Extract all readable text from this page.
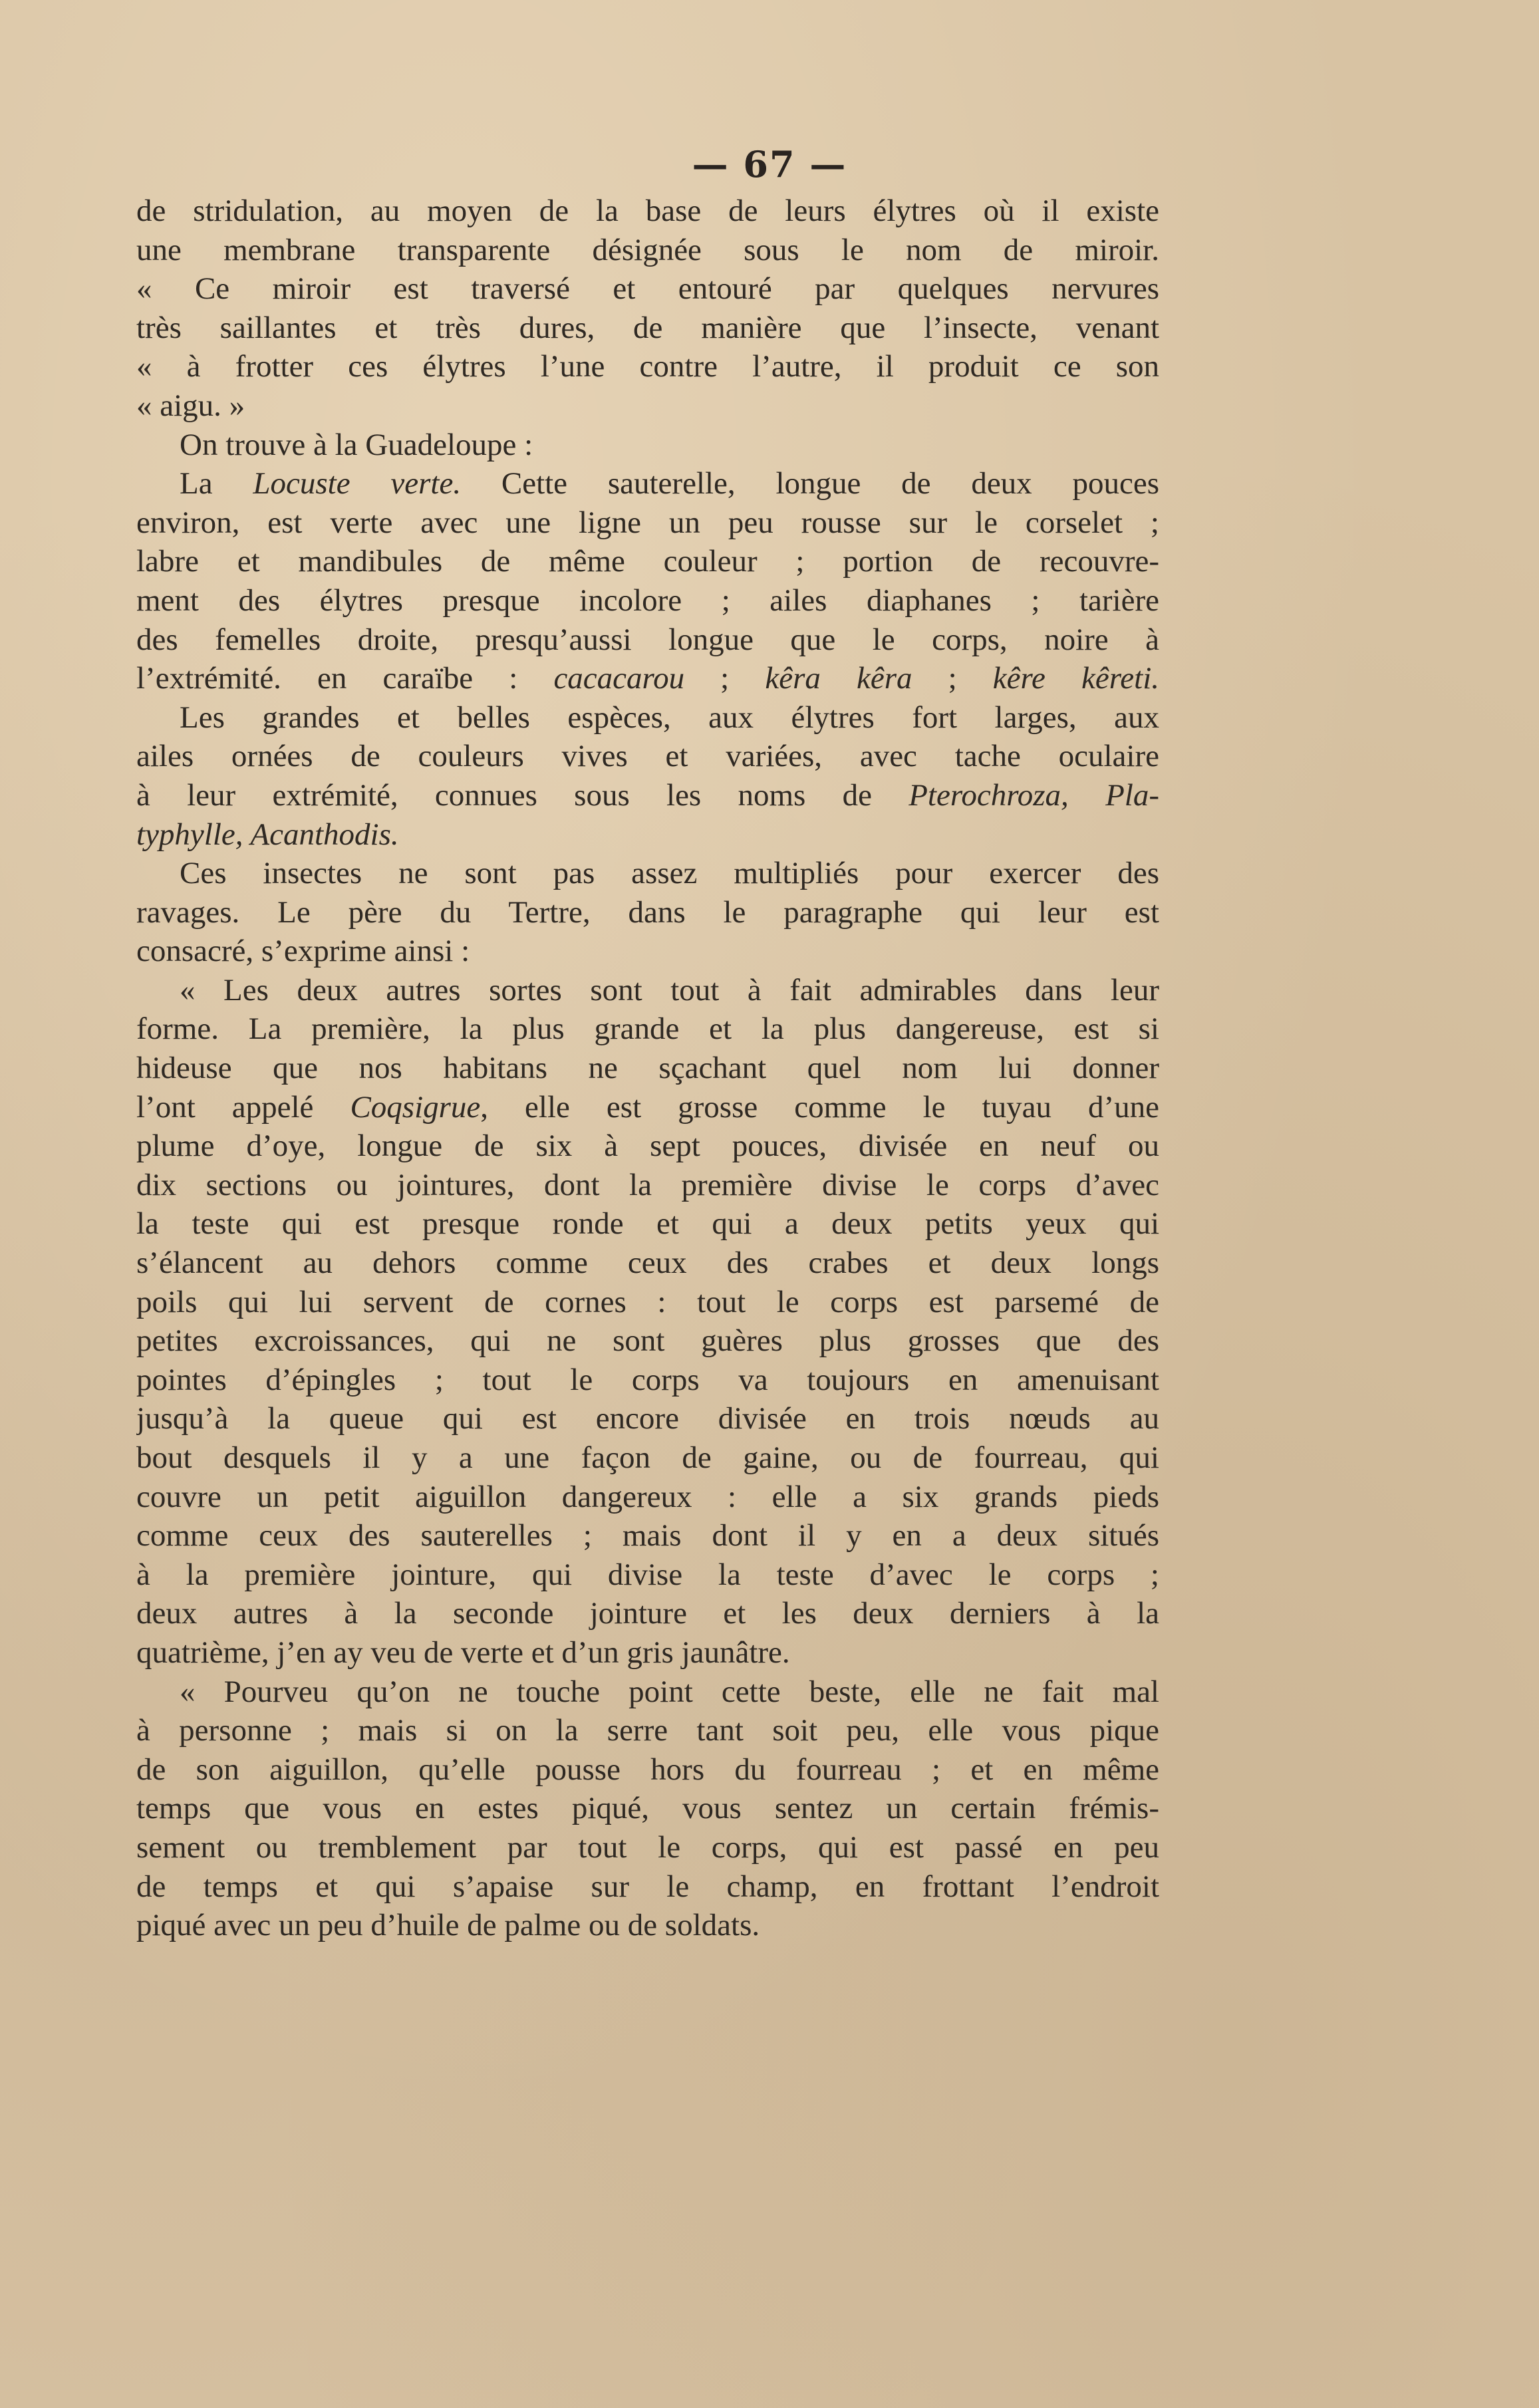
— 67 —
de stridulation, au moyen de la base de leurs élytres où il existe
une membrane transparente désignée sous le nom de miroir.
« Ce miroir est traversé et entouré par quelques nervures
très saillantes et très dures, de manière que l’insecte, venant
« à frotter ces élytres l’une contre l’autre, il produit ce son
« aigu. »
On trouve à la Guadeloupe :
La Locuste verte. Cette sauterelle, longue de deux pouces
environ, est verte avec une ligne un peu rousse sur le corselet ;
labre et mandibules de même couleur ; portion de recouvre-
ment des élytres presque incolore ; ailes diaphanes ; tarière
des femelles droite, presqu’aussi longue que le corps, noire à
l’extrémité. en caraïbe : cacacarou ; kêra kêra ; kêre kêreti.
Les grandes et belles espèces, aux élytres fort larges, aux
ailes ornées de couleurs vives et variées, avec tache oculaire
à leur extrémité, connues sous les noms de Pterochroza, Pla-
typhylle, Acanthodis.
Ces insectes ne sont pas assez multipliés pour exercer des
ravages. Le père du Tertre, dans le paragraphe qui leur est
consacré, s’exprime ainsi :
« Les deux autres sortes sont tout à fait admirables dans leur
forme. La première, la plus grande et la plus dangereuse, est si
hideuse que nos habitans ne sçachant quel nom lui donner
l’ont appelé Coqsigrue, elle est grosse comme le tuyau d’une
plume d’oye, longue de six à sept pouces, divisée en neuf ou
dix sections ou jointures, dont la première divise le corps d’avec
la teste qui est presque ronde et qui a deux petits yeux qui
s’élancent au dehors comme ceux des crabes et deux longs
poils qui lui servent de cornes : tout le corps est parsemé de
petites excroissances, qui ne sont guères plus grosses que des
pointes d’épingles ; tout le corps va toujours en amenuisant
jusqu’à la queue qui est encore divisée en trois nœuds au
bout desquels il y a une façon de gaine, ou de fourreau, qui
couvre un petit aiguillon dangereux : elle a six grands pieds
comme ceux des sauterelles ; mais dont il y en a deux situés
à la première jointure, qui divise la teste d’avec le corps ;
deux autres à la seconde jointure et les deux derniers à la
quatrième, j’en ay veu de verte et d’un gris jaunâtre.
« Pourveu qu’on ne touche point cette beste, elle ne fait mal
à personne ; mais si on la serre tant soit peu, elle vous pique
de son aiguillon, qu’elle pousse hors du fourreau ; et en même
temps que vous en estes piqué, vous sentez un certain frémis-
sement ou tremblement par tout le corps, qui est passé en peu
de temps et qui s’apaise sur le champ, en frottant l’endroit
piqué avec un peu d’huile de palme ou de soldats.
